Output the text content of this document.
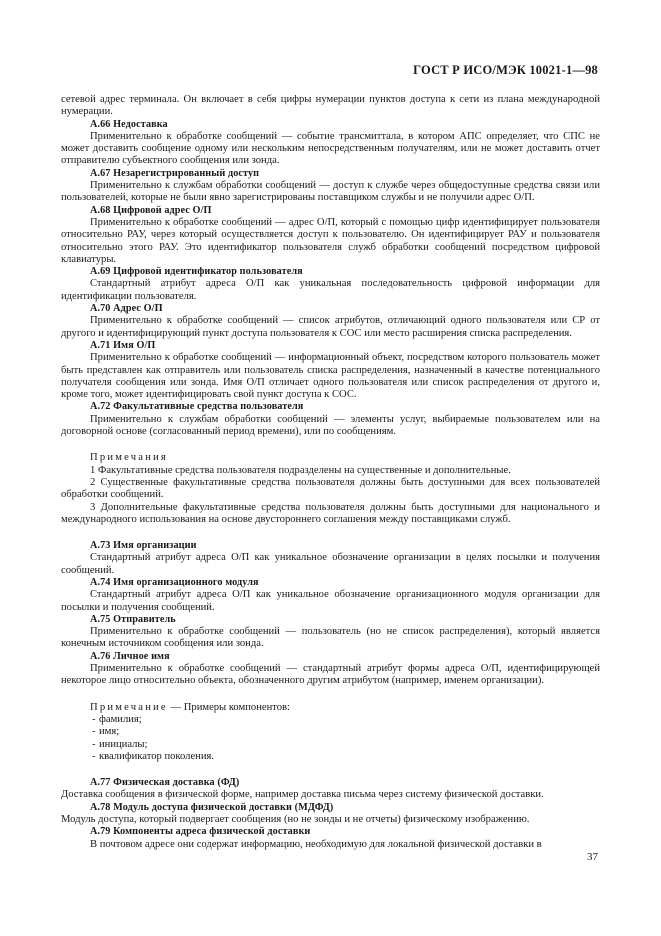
ГОСТ Р ИСО/МЭК 10021-1—98

сетевой адрес терминала. Он включает в себя цифры нумерации пунктов доступа к сети из плана международной нумерации.

А.66 Недоставка

Применительно к обработке сообщений — событие трансмиттала, в котором АПС определяет, что СПС не может доставить сообщение одному или нескольким непосредственным получателям, или не может доставить отчет отправителю субъектного сообщения или зонда.

А.67 Незарегистрированный доступ

Применительно к службам обработки сообщений — доступ к службе через общедоступные средства связи или пользователей, которые не были явно зарегистрированы поставщиком службы и не получили адрес О/П.

А.68 Цифровой адрес О/П

Применительно к обработке сообщений — адрес О/П, который с помощью цифр идентифицирует пользователя относительно РАУ, через который осуществляется доступ к пользователю. Он идентифицирует РАУ и пользователя относительно этого РАУ. Это идентификатор пользователя служб обработки сообщений посредством цифровой клавиатуры.

А.69 Цифровой идентификатор пользователя

Стандартный атрибут адреса О/П как уникальная последовательность цифровой информации для идентификации пользователя.

А.70 Адрес О/П

Применительно к обработке сообщений — список атрибутов, отличающий одного пользователя или СР от другого и идентифицирующий пункт доступа пользователя к СОС или место расширения списка распределения.

А.71 Имя О/П

Применительно к обработке сообщений — информационный объект, посредством которого пользователь может быть представлен как отправитель или пользователь списка распределения, назначенный в качестве потенциального получателя сообщения или зонда. Имя О/П отличает одного пользователя или список распределения от другого и, кроме того, может идентифицировать свой пункт доступа к СОС.

А.72 Факультативные средства пользователя

Применительно к службам обработки сообщений — элементы услуг, выбираемые пользователем или на договорной основе (согласованный период времени), или по сообщениям.

Примечания

1 Факультативные средства пользователя подразделены на существенные и дополнительные.

2 Существенные факультативные средства пользователя должны быть доступными для всех пользователей обработки сообщений.

3 Дополнительные факультативные средства пользователя должны быть доступными для национального и международного использования на основе двустороннего соглашения между поставщиками служб.

А.73 Имя организации

Стандартный атрибут адреса О/П как уникальное обозначение организации в целях посылки и получения сообщений.

А.74 Имя организационного модуля

Стандартный атрибут адреса О/П как уникальное обозначение организационного модуля организации для посылки и получения сообщений.

А.75 Отправитель

Применительно к обработке сообщений — пользователь (но не список распределения), который является конечным источником сообщения или зонда.

А.76 Личное имя

Применительно к обработке сообщений — стандартный атрибут формы адреса О/П, идентифицирующей некоторое лицо относительно объекта, обозначенного другим атрибутом (например, именем организации).

Примечание — Примеры компонентов:

- фамилия;
- имя;
- инициалы;
- квалификатор поколения.

А.77 Физическая доставка (ФД)

Доставка сообщения в физической форме, например доставка письма через систему физической доставки.

А.78 Модуль доступа физической доставки (МДФД)

Модуль доступа, который подвергает сообщения (но не зонды и не отчеты) физическому изображению.

А.79 Компоненты адреса физической доставки

В почтовом адресе они содержат информацию, необходимую для локальной физической доставки в

37
